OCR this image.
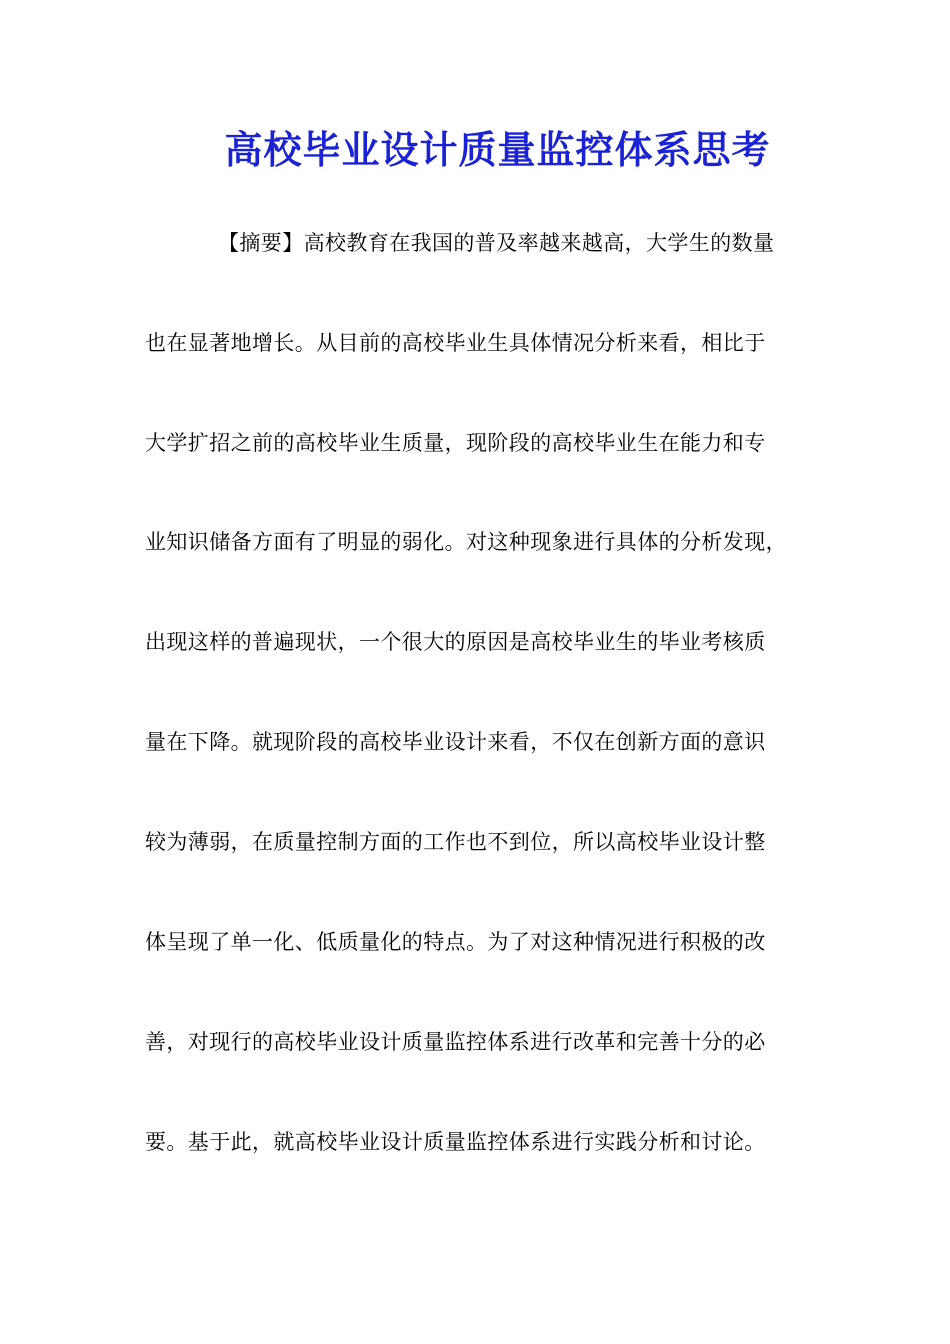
高校毕业设计质量监控体系思考

【摘要】高校教育在我国的普及率越来越高，大学生的数量

也在显著地增长。从目前的高校毕业生具体情况分析来看，相比于

大学扩招之前的高校毕业生质量，现阶段的高校毕业生在能力和专

业知识储备方面有了明显的弱化。对这种现象进行具体的分析发现，

出现这样的普遍现状，一个很大的原因是高校毕业生的毕业考核质

量在下降。就现阶段的高校毕业设计来看，不仅在创新方面的意识

较为薄弱，在质量控制方面的工作也不到位，所以高校毕业设计整

体呈现了单一化、低质量化的特点。为了对这种情况进行积极的改

善，对现行的高校毕业设计质量监控体系进行改革和完善十分的必

要。基于此，就高校毕业设计质量监控体系进行实践分析和讨论。
